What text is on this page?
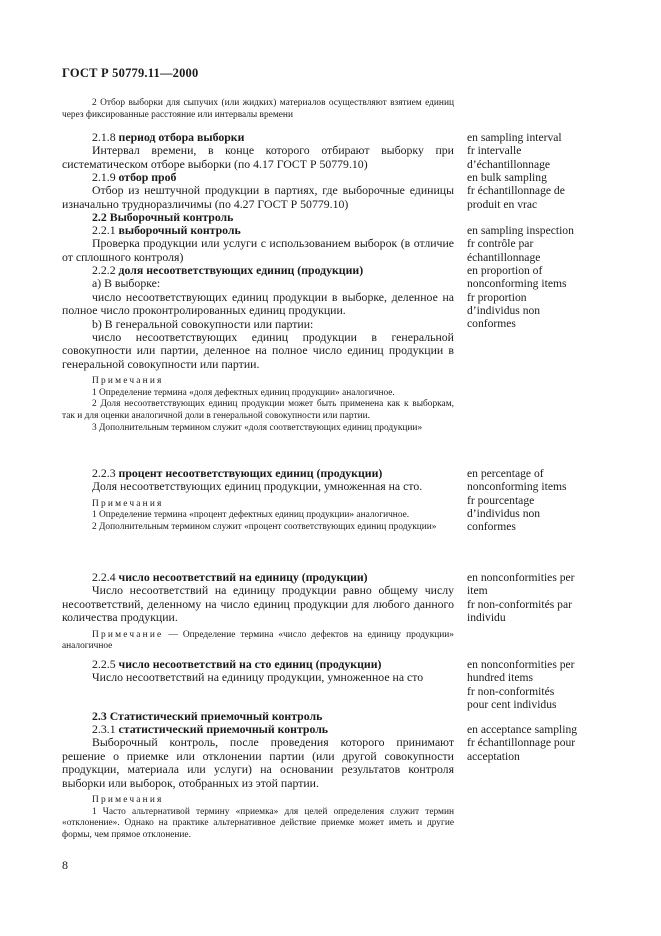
ГОСТ Р 50779.11—2000
2 Отбор выборки для сыпучих (или жидких) материалов осуществляют взятием единиц через фиксированные расстояние или интервалы времени
2.1.8 период отбора выборки
Интервал времени, в конце которого отбирают выборку при систематическом отборе выборки (по 4.17 ГОСТ Р 50779.10)
en sampling interval
fr intervalle
d’échantillonnage
2.1.9 отбор проб
Отбор из нештучной продукции в партиях, где выборочные единицы изначально трудноразличимы (по 4.27 ГОСТ Р 50779.10)
en bulk sampling
fr échantillonnage de
produit en vrac
2.2 Выборочный контроль
2.2.1 выборочный контроль
Проверка продукции или услуги с использованием выборок (в отличие от сплошного контроля)
en sampling inspection
fr contrôle par
échantillonnage
2.2.2 доля несоответствующих единиц (продукции)
a) В выборке:
число несоответствующих единиц продукции в выборке, деленное на полное число проконтролированных единиц продукции.
b) В генеральной совокупности или партии:
число несоответствующих единиц продукции в генеральной совокупности или партии, деленное на полное число единиц продукции в генеральной совокупности или партии.
Примечания
1 Определение термина «доля дефектных единиц продукции» аналогичное.
2 Доля несоответствующих единиц продукции может быть применена как к выборкам, так и для оценки аналогичной доли в генеральной совокупности или партии.
3 Дополнительным термином служит «доля соответствующих единиц продукции»
en proportion of
nonconforming items
fr proportion
d’individus non
conformes
2.2.3 процент несоответствующих единиц (продукции)
Доля несоответствующих единиц продукции, умноженная на сто.
Примечания
1 Определение термина «процент дефектных единиц продукции» аналогичное.
2 Дополнительным термином служит «процент соответствующих единиц продукции»
en percentage of
nonconforming items
fr pourcentage
d’individus non
conformes
2.2.4 число несоответствий на единицу (продукции)
Число несоответствий на единицу продукции равно общему числу несоответствий, деленному на число единиц продукции для любого данного количества продукции.
Примечание — Определение термина «число дефектов на единицу продукции» аналогичное
en nonconformities per
item
fr non-conformités par
individu
2.2.5 число несоответствий на сто единиц (продукции)
Число несоответствий на единицу продукции, умноженное на сто
en nonconformities per
hundred items
fr non-conformités
pour cent individus
2.3 Статистический приемочный контроль
2.3.1 статистический приемочный контроль
Выборочный контроль, после проведения которого принимают решение о приемке или отклонении партии (или другой совокупности продукции, материала или услуги) на основании результатов контроля выборки или выборок, отобранных из этой партии.
Примечания
1 Часто альтернативой термину «приемка» для целей определения служит термин «отклонение». Однако на практике альтернативное действие приемке может иметь и другие формы, чем прямое отклонение.
en acceptance sampling
fr échantillonnage pour
acceptation
8
